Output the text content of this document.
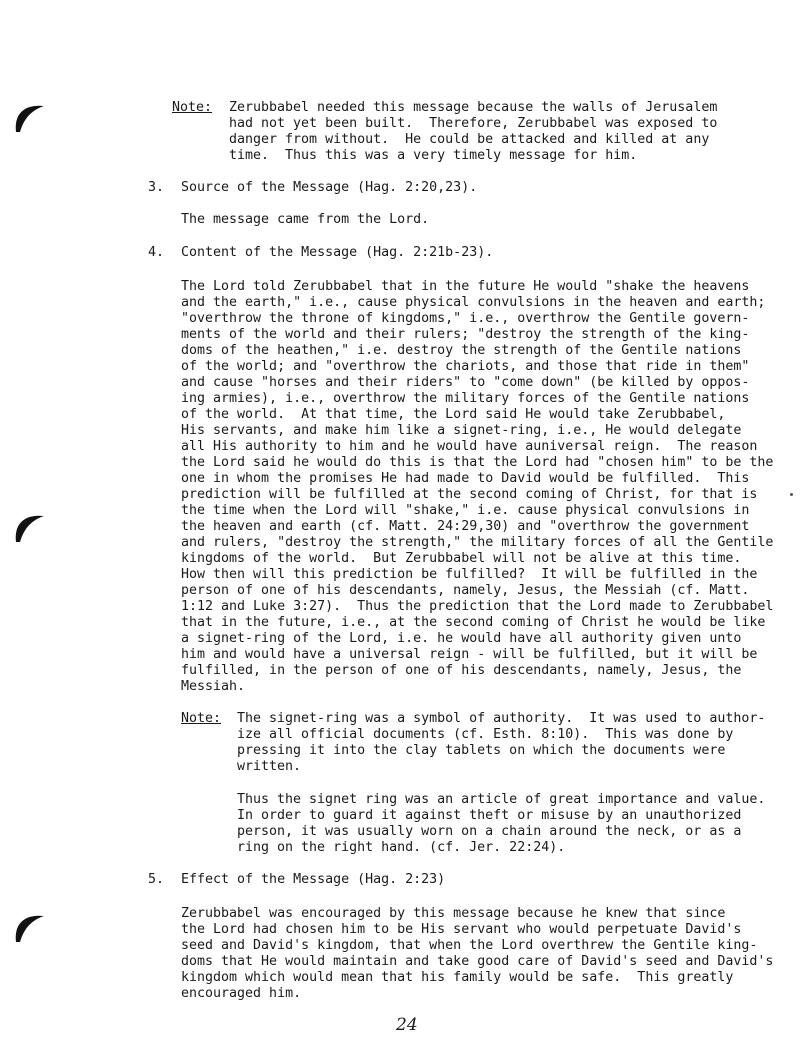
Note: Zerubbabel needed this message because the walls of Jerusalem
had not yet been built.  Therefore, Zerubbabel was exposed to
danger from without.  He could be attacked and killed at any
time.  Thus this was a very timely message for him.
3. Source of the Message (Hag. 2:20,23).
The message came from the Lord.
4. Content of the Message (Hag. 2:21b-23).
The Lord told Zerubbabel that in the future He would "shake the heavens
and the earth," i.e., cause physical convulsions in the heaven and earth;
"overthrow the throne of kingdoms," i.e., overthrow the Gentile govern-
ments of the world and their rulers; "destroy the strength of the king-
doms of the heathen," i.e. destroy the strength of the Gentile nations
of the world; and "overthrow the chariots, and those that ride in them"
and cause "horses and their riders" to "come down" (be killed by oppos-
ing armies), i.e., overthrow the military forces of the Gentile nations
of the world.  At that time, the Lord said He would take Zerubbabel,
His servants, and make him like a signet-ring, i.e., He would delegate
all His authority to him and he would have auniversal reign.  The reason
the Lord said he would do this is that the Lord had "chosen him" to be the
one in whom the promises He had made to David would be fulfilled.  This
prediction will be fulfilled at the second coming of Christ, for that is
the time when the Lord will "shake," i.e. cause physical convulsions in
the heaven and earth (cf. Matt. 24:29,30) and "overthrow the government
and rulers, "destroy the strength," the military forces of all the Gentile
kingdoms of the world.  But Zerubbabel will not be alive at this time.
How then will this prediction be fulfilled?  It will be fulfilled in the
person of one of his descendants, namely, Jesus, the Messiah (cf. Matt.
1:12 and Luke 3:27).  Thus the prediction that the Lord made to Zerubbabel
that in the future, i.e., at the second coming of Christ he would be like
a signet-ring of the Lord, i.e. he would have all authority given unto
him and would have a universal reign - will be fulfilled, but it will be
fulfilled, in the person of one of his descendants, namely, Jesus, the
Messiah.
Note: The signet-ring was a symbol of authority.  It was used to author-
ize all official documents (cf. Esth. 8:10).  This was done by
pressing it into the clay tablets on which the documents were
written.
Thus the signet ring was an article of great importance and value.
In order to guard it against theft or misuse by an unauthorized
person, it was usually worn on a chain around the neck, or as a
ring on the right hand. (cf. Jer. 22:24).
5. Effect of the Message (Hag. 2:23)
Zerubbabel was encouraged by this message because he knew that since
the Lord had chosen him to be His servant who would perpetuate David's
seed and David's kingdom, that when the Lord overthrew the Gentile king-
doms that He would maintain and take good care of David's seed and David's
kingdom which would mean that his family would be safe.  This greatly
encouraged him.
24
